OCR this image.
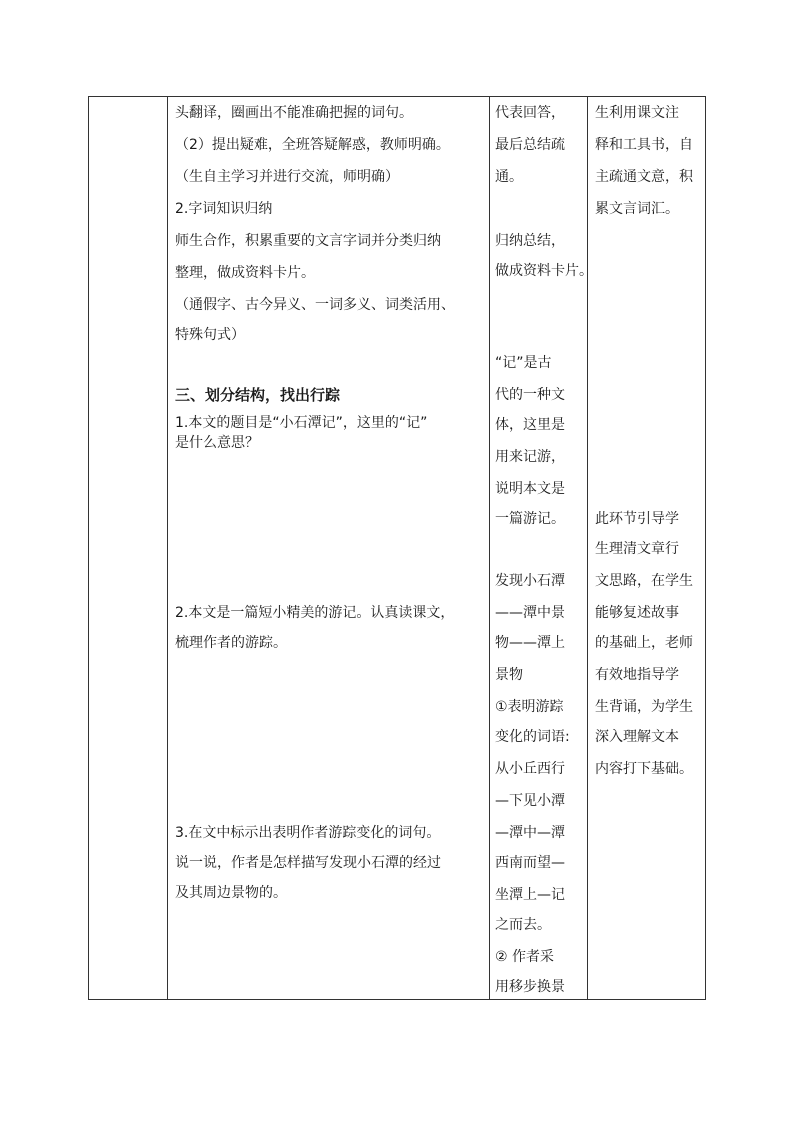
头翻译，圈画出不能准确把握的词句。
（2）提出疑难，全班答疑解惑，教师明确。
（生自主学习并进行交流，师明确）
2.字词知识归纳
师生合作，积累重要的文言字词并分类归纳
整理，做成资料卡片。
（通假字、古今异义、一词多义、词类活用、
特殊句式）
三、划分结构，找出行踪
1.本文的题目是“小石潭记”，这里的“记”
是什么意思？
2.本文是一篇短小精美的游记。认真读课文，
梳理作者的游踪。
3.在文中标示出表明作者游踪变化的词句。
说一说，作者是怎样描写发现小石潭的经过
及其周边景物的。
代表回答，
最后总结疏
通。
归纳总结，
做成资料卡片。
“记”是古
代的一种文
体，这里是
用来记游，
说明本文是
一篇游记。
发现小石潭
——潭中景
物——潭上
景物
①表明游踪
变化的词语:
从小丘西行
—下见小潭
—潭中—潭
西南而望—
坐潭上—记
之而去。
② 作者采
用移步换景
生利用课文注
释和工具书，自
主疏通文意，积
累文言词汇。
此环节引导学
生理清文章行
文思路，在学生
能够复述故事
的基础上，老师
有效地指导学
生背诵，为学生
深入理解文本
内容打下基础。
